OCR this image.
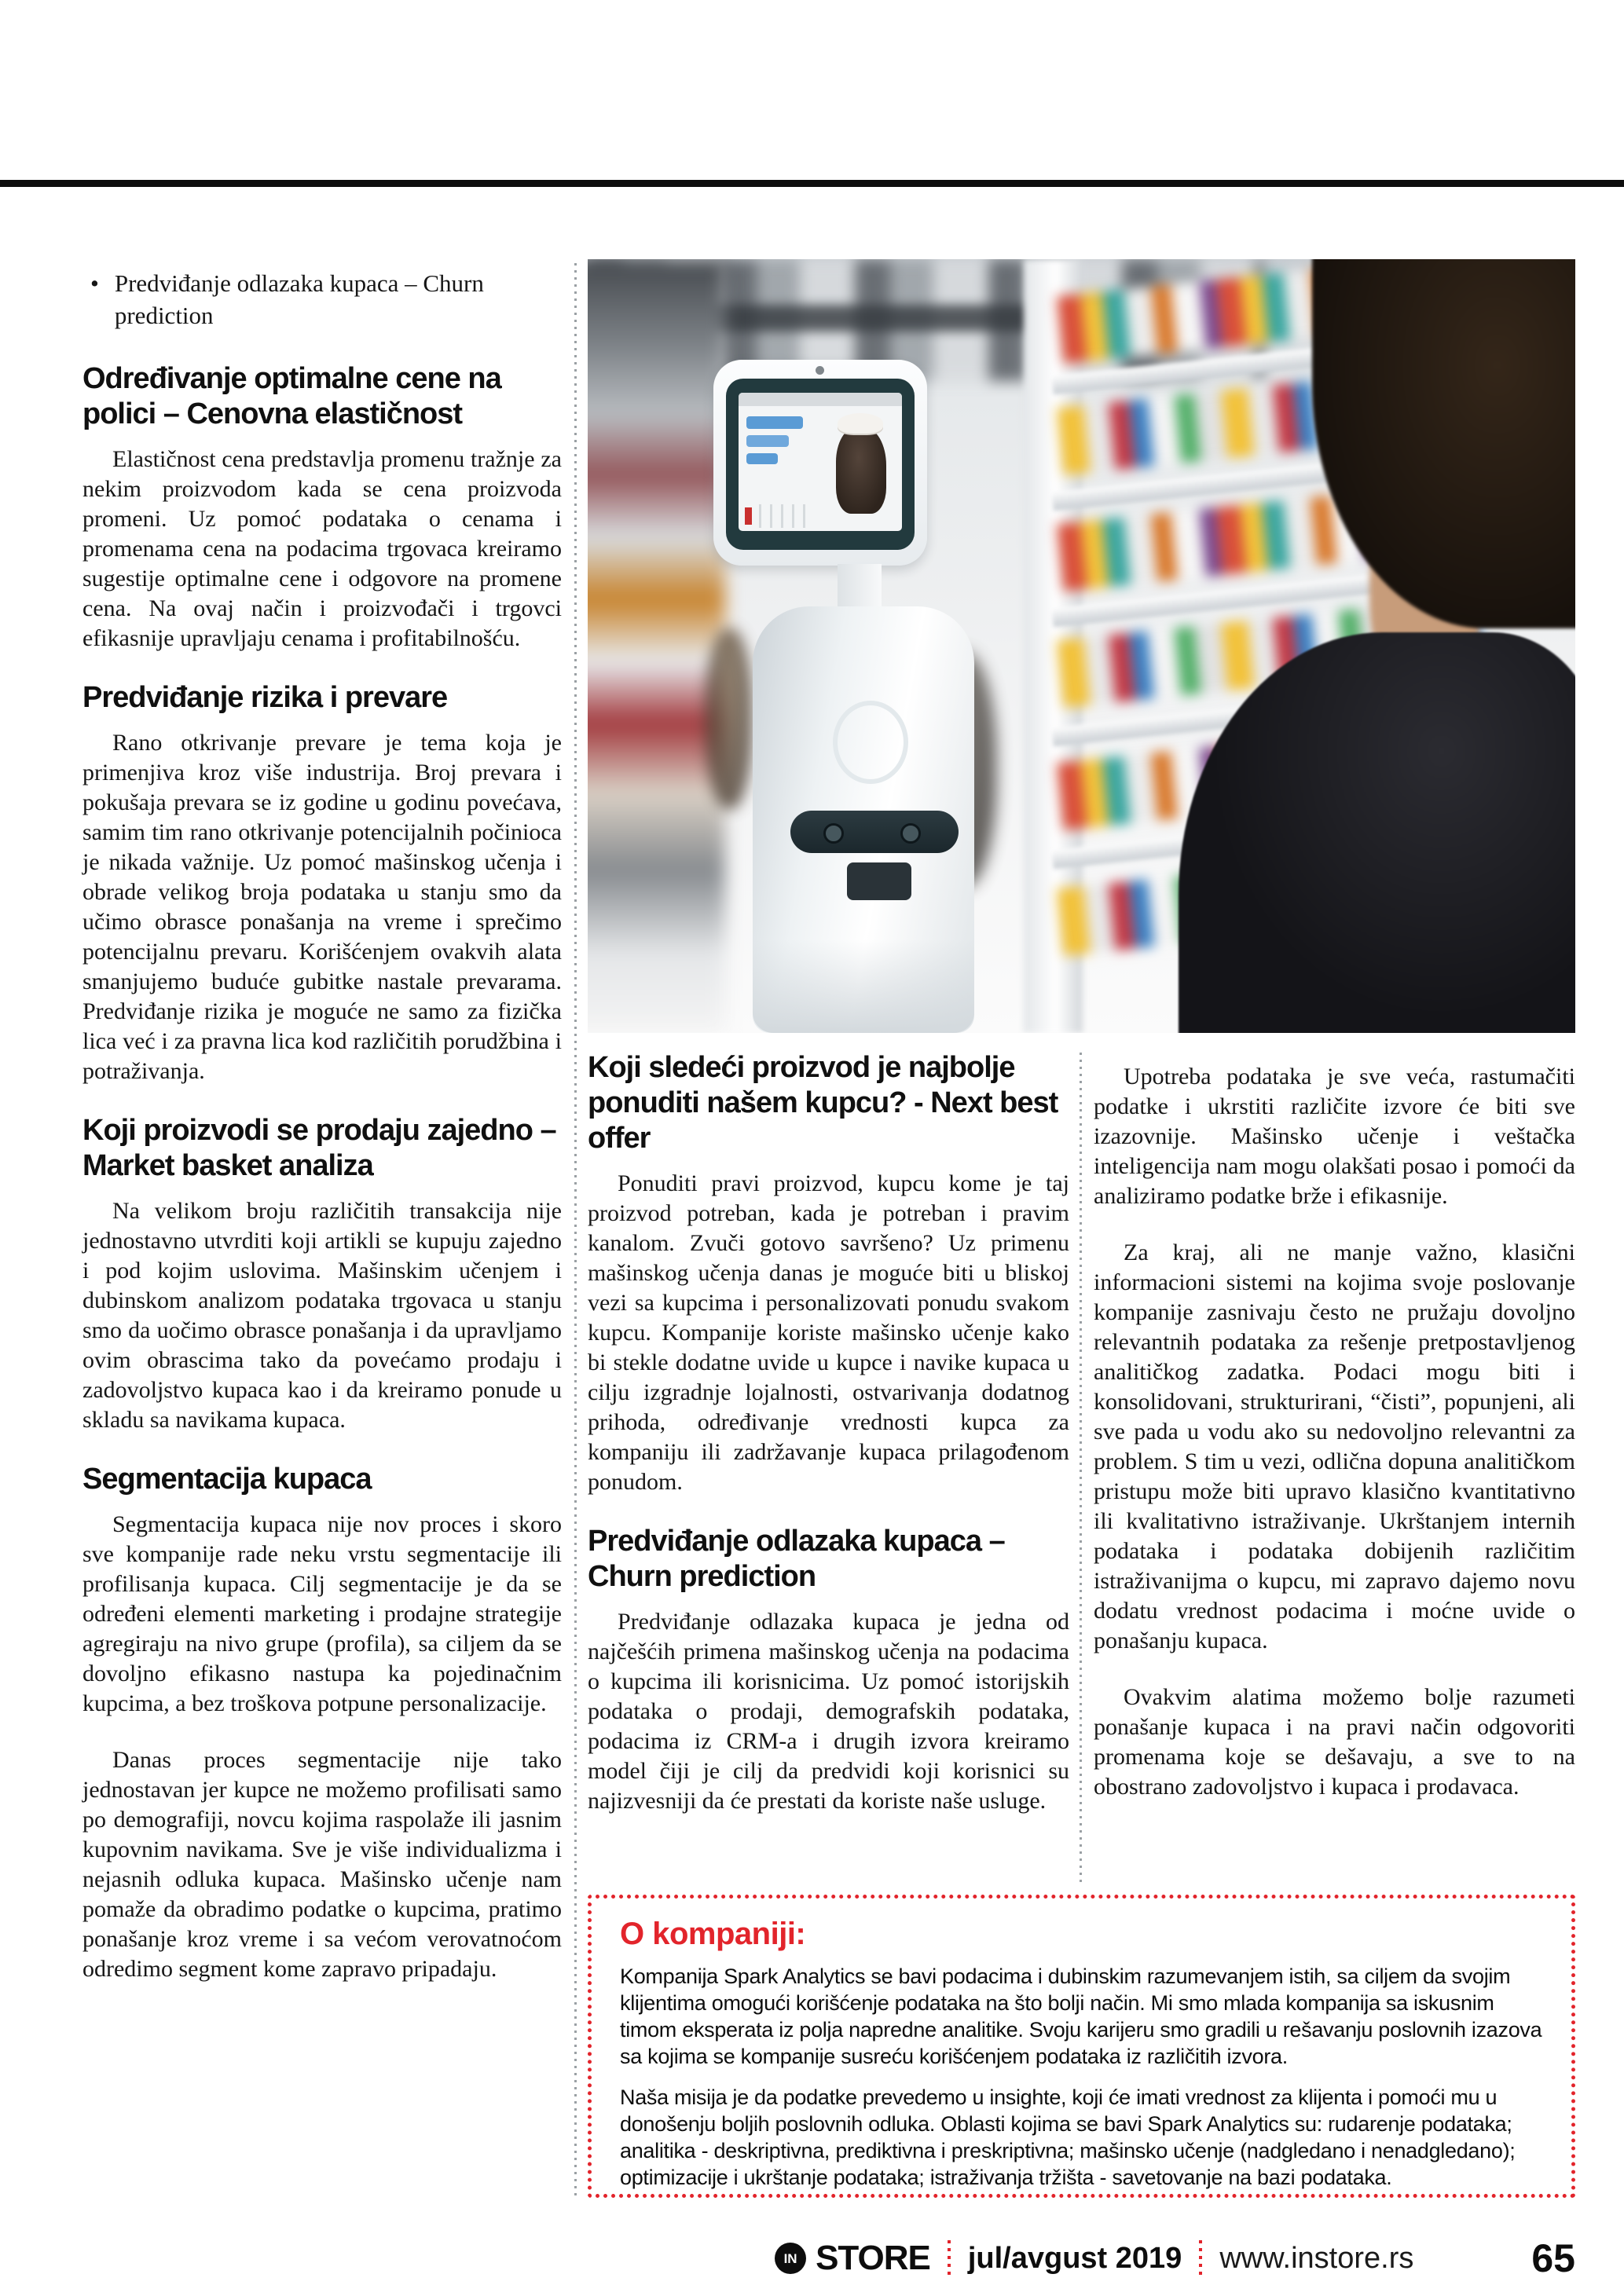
• Predviđanje odlazaka kupaca – Churn prediction
Određivanje optimalne cene na polici – Cenovna elastičnost

Elastičnost cena predstavlja promenu tražnje za nekim proizvodom kada se cena proizvoda promeni. Uz pomoć podataka o cenama i promenama cena na podacima trgovaca kreiramo sugestije optimalne cene i odgovore na promene cena. Na ovaj način i proizvođači i trgovci efikasnije upravljaju cenama i profitabilnošću.

Predviđanje rizika i prevare

Rano otkrivanje prevare je tema koja je primenjiva kroz više industrija. Broj prevara i pokušaja prevara se iz godine u godinu povećava, samim tim rano otkrivanje potencijalnih počinioca je nikada važnije. Uz pomoć mašinskog učenja i obrade velikog broja podataka u stanju smo da učimo obrasce ponašanja na vreme i sprečimo potencijalnu prevaru. Korišćenjem ovakvih alata smanjujemo buduće gubitke nastale prevarama. Predviđanje rizika je moguće ne samo za fizička lica već i za pravna lica kod različitih porudžbina i potraživanja.

Koji proizvodi se prodaju zajedno – Market basket analiza

Na velikom broju različitih transakcija nije jednostavno utvrditi koji artikli se kupuju zajedno i pod kojim uslovima. Mašinskim učenjem i dubinskom analizom podataka trgovaca u stanju smo da uočimo obrasce ponašanja i da upravljamo ovim obrascima tako da povećamo prodaju i zadovoljstvo kupaca kao i da kreiramo ponude u skladu sa navikama kupaca.

Segmentacija kupaca

Segmentacija kupaca nije nov proces i skoro sve kompanije rade neku vrstu segmentacije ili profilisanja kupaca. Cilj segmentacije je da se određeni elementi marketing i prodajne strategije agregiraju na nivo grupe (profila), sa ciljem da se dovoljno efikasno nastupa ka pojedinačnim kupcima, a bez troškova potpune personalizacije.

Danas proces segmentacije nije tako jednostavan jer kupce ne možemo profilisati samo po demografiji, novcu kojima raspolaže ili jasnim kupovnim navikama. Sve je više individualizma i nejasnih odluka kupaca. Mašinsko učenje nam pomaže da obradimo podatke o kupcima, pratimo ponašanje kroz vreme i sa većom verovatnoćom odredimo segment kome zapravo pripadaju.

Koji sledeći proizvod je najbolje ponuditi našem kupcu? - Next best offer

Ponuditi pravi proizvod, kupcu kome je taj proizvod potreban, kada je potreban i pravim kanalom. Zvuči gotovo savršeno? Uz primenu mašinskog učenja danas je moguće biti u bliskoj vezi sa kupcima i personalizovati ponudu svakom kupcu. Kompanije koriste mašinsko učenje kako bi stekle dodatne uvide u kupce i navike kupaca u cilju izgradnje lojalnosti, ostvarivanja dodatnog prihoda, određivanje vrednosti kupca za kompaniju ili zadržavanje kupaca prilagođenom ponudom.

Predviđanje odlazaka kupaca – Churn prediction

Predviđanje odlazaka kupaca je jedna od najčešćih primena mašinskog učenja na podacima o kupcima ili korisnicima. Uz pomoć istorijskih podataka o prodaji, demografskih podataka, podacima iz CRM-a i drugih izvora kreiramo model čiji je cilj da predvidi koji korisnici su najizvesniji da će prestati da koriste naše usluge.

Upotreba podataka je sve veća, rastumačiti podatke i ukrstiti različite izvore će biti sve izazovnije. Mašinsko učenje i veštačka inteligencija nam mogu olakšati posao i pomoći da analiziramo podatke brže i efikasnije.

Za kraj, ali ne manje važno, klasični informacioni sistemi na kojima svoje poslovanje kompanije zasnivaju često ne pružaju dovoljno relevantnih podataka za rešenje pretpostavljenog analitičkog zadatka. Podaci mogu biti i konsolidovani, strukturirani, “čisti”, popunjeni, ali sve pada u vodu ako su nedovoljno relevantni za problem. S tim u vezi, odlična dopuna analitičkom pristupu može biti upravo klasično kvantitativno ili kvalitativno istraživanje. Ukrštanjem internih podataka i podataka dobijenih različitim istraživanijma o kupcu, mi zapravo dajemo novu dodatu vrednost podacima i moćne uvide o ponašanju kupaca.

Ovakvim alatima možemo bolje razumeti ponašanje kupaca i na pravi način odgovoriti promenama koje se dešavaju, a sve to na obostrano zadovoljstvo i kupaca i prodavaca.

O kompaniji:

Kompanija Spark Analytics se bavi podacima i dubinskim razumevanjem istih, sa ciljem da svojim klijentima omogući korišćenje podataka na što bolji način. Mi smo mlada kompanija sa iskusnim timom eksperata iz polja napredne analitike. Svoju karijeru smo gradili u rešavanju poslovnih izazova sa kojima se kompanije susreću korišćenjem podataka iz različitih izvora.

Naša misija je da podatke prevedemo u insighte, koji će imati vrednost za klijenta i pomoći mu u donošenju boljih poslovnih odluka. Oblasti kojima se bavi Spark Analytics su: rudarenje podataka; analitika - deskriptivna, prediktivna i preskriptivna; mašinsko učenje (nadgledano i nenadgledano); optimizacije i ukrštanje podataka; istraživanja tržišta - savetovanje na bazi podataka.

IN STORE jul/avgust 2019 www.instore.rs	65
